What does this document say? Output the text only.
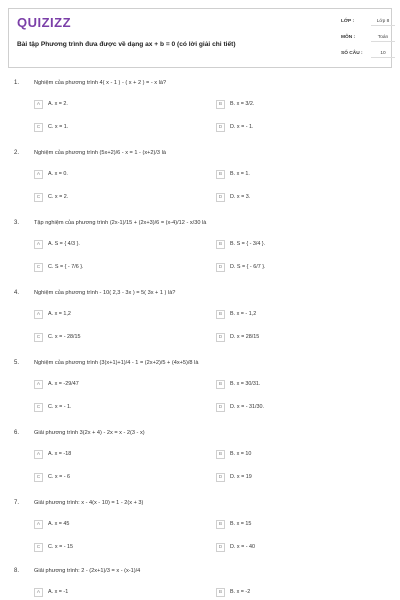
QUIZIZZ
Bài tập Phương trình đưa được về dạng ax + b = 0 (có lời giải chi tiết)
LỚP :	Lớp 8
MÔN :	Toán
SỐ CÂU :	10
1.	Nghiệm của phương trình 4( x - 1 ) - ( x + 2 ) = - x là?
A	A. x = 2.	B	B. x = 3/2.
C	C. x = 1.	D	D. x = - 1.
2.	Nghiệm của phương trình (5x+2)/6 - x = 1 - (x+2)/3 là
A	A. x = 0.	B	B. x = 1.
C	C. x = 2.	D	D. x = 3.
3.	Tập nghiệm của phương trình (2x-1)/15 + (2x+3)/6 = (x-4)/12 - x/30 là
A	A. S = { 4/3 }.	B	B. S = { - 3/4 }.
C	C. S = { - 7/6 }.	D	D. S = { - 6/7 }.
4.	Nghiệm của phương trình - 10( 2,3 - 3x ) = 5( 3x + 1 ) là?
A	A. x = 1,2	B	B. x = - 1,2
C	C. x = - 28/15	D	D. x = 28/15
5.	Nghiệm của phương trình (3(x+1)+1)/4 - 1 = (2x+2)/5 + (4x+5)/8 là
A	A. x = -29/47	B	B. x = 30/31.
C	C. x = - 1.	D	D. x = - 31/30.
6.	Giải phương trình 3(2x + 4) - 2x = x - 2(3 - x)
A	A. x = -18	B	B. x = 10
C	C. x = - 6	D	D. x = 19
7.	Giải phương trình: x - 4(x - 10) = 1 - 2(x + 3)
A	A. x = 45	B	B. x = 15
C	C. x = - 15	D	D. x = - 40
8.	Giải phương trình: 2 - (2x+1)/3 = x - (x-1)/4
A	A. x = -1	B	B. x = -2
